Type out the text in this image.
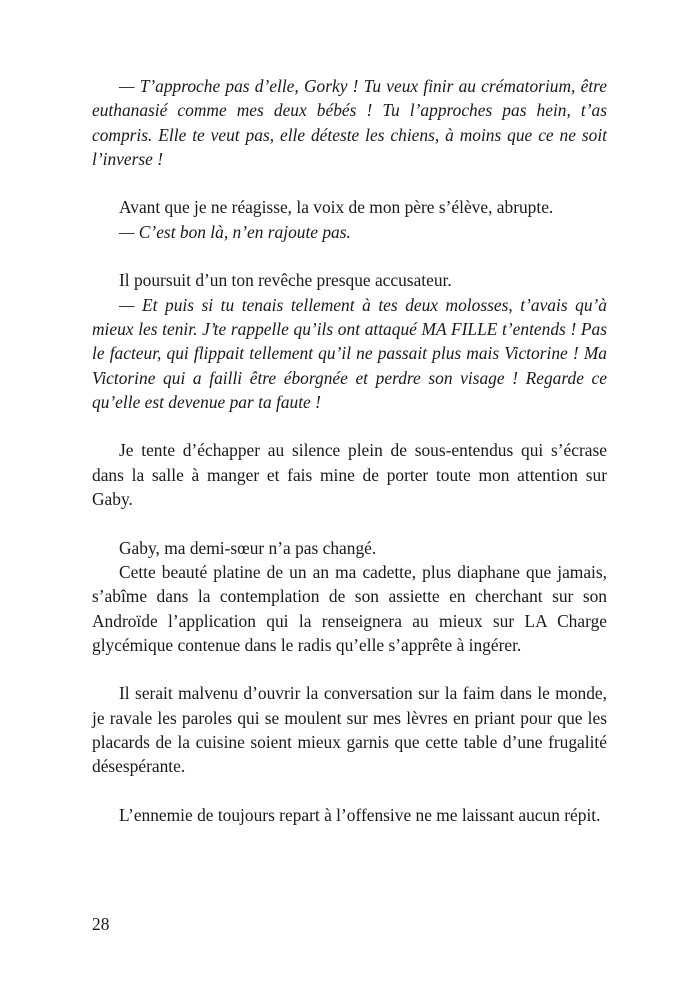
— T’approche pas d’elle, Gorky ! Tu veux finir au crématorium, être euthanasié comme mes deux bébés ! Tu l’approches pas hein, t’as compris. Elle te veut pas, elle déteste les chiens, à moins que ce ne soit l’inverse !

Avant que je ne réagisse, la voix de mon père s’élève, abrupte.

— C’est bon là, n’en rajoute pas.

Il poursuit d’un ton revêche presque accusateur.

— Et puis si tu tenais tellement à tes deux molosses, t’avais qu’à mieux les tenir. J’te rappelle qu’ils ont attaqué MA FILLE t’entends ! Pas le facteur, qui flippait tellement qu’il ne passait plus mais Victorine ! Ma Victorine qui a failli être éborgnée et perdre son visage ! Regarde ce qu’elle est devenue par ta faute !

Je tente d’échapper au silence plein de sous-entendus qui s’écrase dans la salle à manger et fais mine de porter toute mon attention sur Gaby.

Gaby, ma demi-sœur n’a pas changé.

Cette beauté platine de un an ma cadette, plus diaphane que jamais, s’abîme dans la contemplation de son assiette en cherchant sur son Androïde l’application qui la renseignera au mieux sur LA Charge glycémique contenue dans le radis qu’elle s’apprête à ingérer.

Il serait malvenu d’ouvrir la conversation sur la faim dans le monde, je ravale les paroles qui se moulent sur mes lèvres en priant pour que les placards de la cuisine soient mieux garnis que cette table d’une frugalité désespérante.

L’ennemie de toujours repart à l’offensive ne me laissant aucun répit.

28
